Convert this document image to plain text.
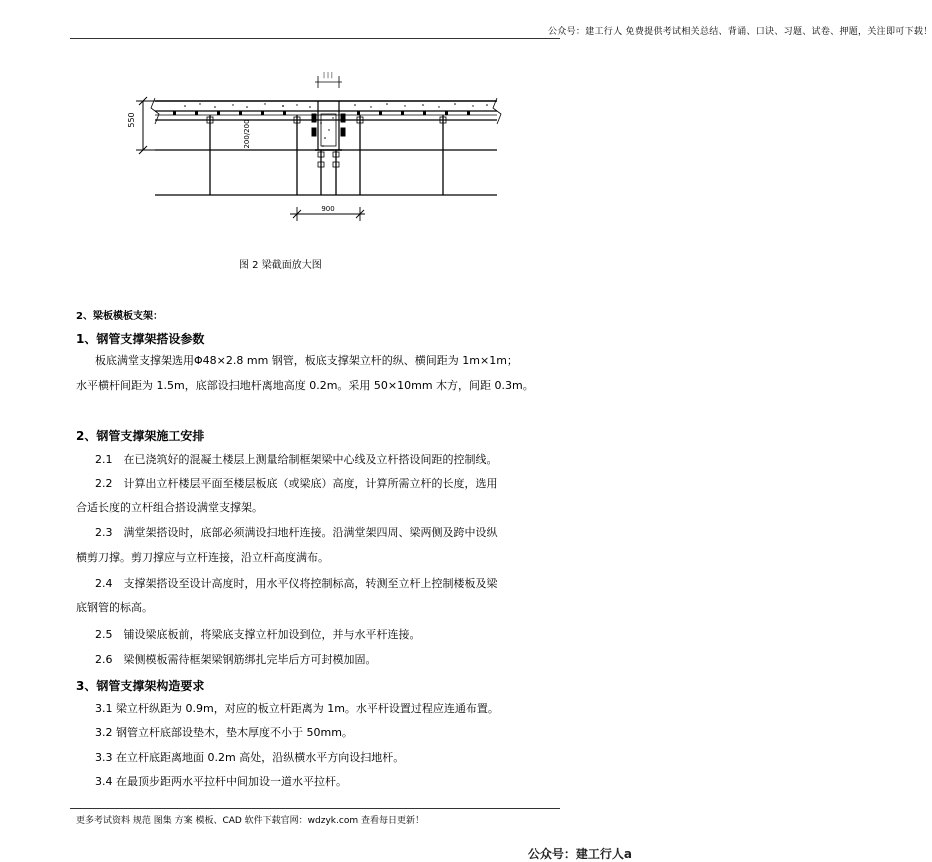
公众号：建工行人 免费提供考试相关总结、背诵、口诀、习题、试卷、押题，关注即可下载！
550
| | |
200/200
900
图 2 梁截面放大图
2、梁板模板支架：
1、钢管支撑架搭设参数
板底满堂支撑架选用Φ48×2.8 mm 钢管，板底支撑架立杆的纵、横间距为 1m×1m；
水平横杆间距为 1.5m，底部设扫地杆离地高度 0.2m。采用 50×10mm 木方，间距 0.3m。
2、钢管支撑架施工安排
2.1　在已浇筑好的混凝土楼层上测量给制框架梁中心线及立杆搭设间距的控制线。
2.2　计算出立杆楼层平面至楼层板底（或梁底）高度，计算所需立杆的长度，选用
合适长度的立杆组合搭设满堂支撑架。
2.3　满堂架搭设时，底部必须满设扫地杆连接。沿满堂架四周、梁两侧及跨中设纵
横剪刀撑。剪刀撑应与立杆连接，沿立杆高度满布。
2.4　支撑架搭设至设计高度时，用水平仪将控制标高，转测至立杆上控制楼板及梁
底钢管的标高。
2.5　铺设梁底板前，将梁底支撑立杆加设到位，并与水平杆连接。
2.6　梁侧模板需待框架梁钢筋绑扎完毕后方可封模加固。
3、钢管支撑架构造要求
3.1 梁立杆纵距为 0.9m，对应的板立杆距离为 1m。水平杆设置过程应连通布置。
3.2 钢管立杆底部设垫木，垫木厚度不小于 50mm。
3.3 在立杆底距离地面 0.2m 高处，沿纵横水平方向设扫地杆。
3.4 在最顶步距两水平拉杆中间加设一道水平拉杆。
更多考试资料 规范 图集 方案 模板、CAD 软件下载官网：wdzyk.com 查看每日更新！
公众号：建工行人a
